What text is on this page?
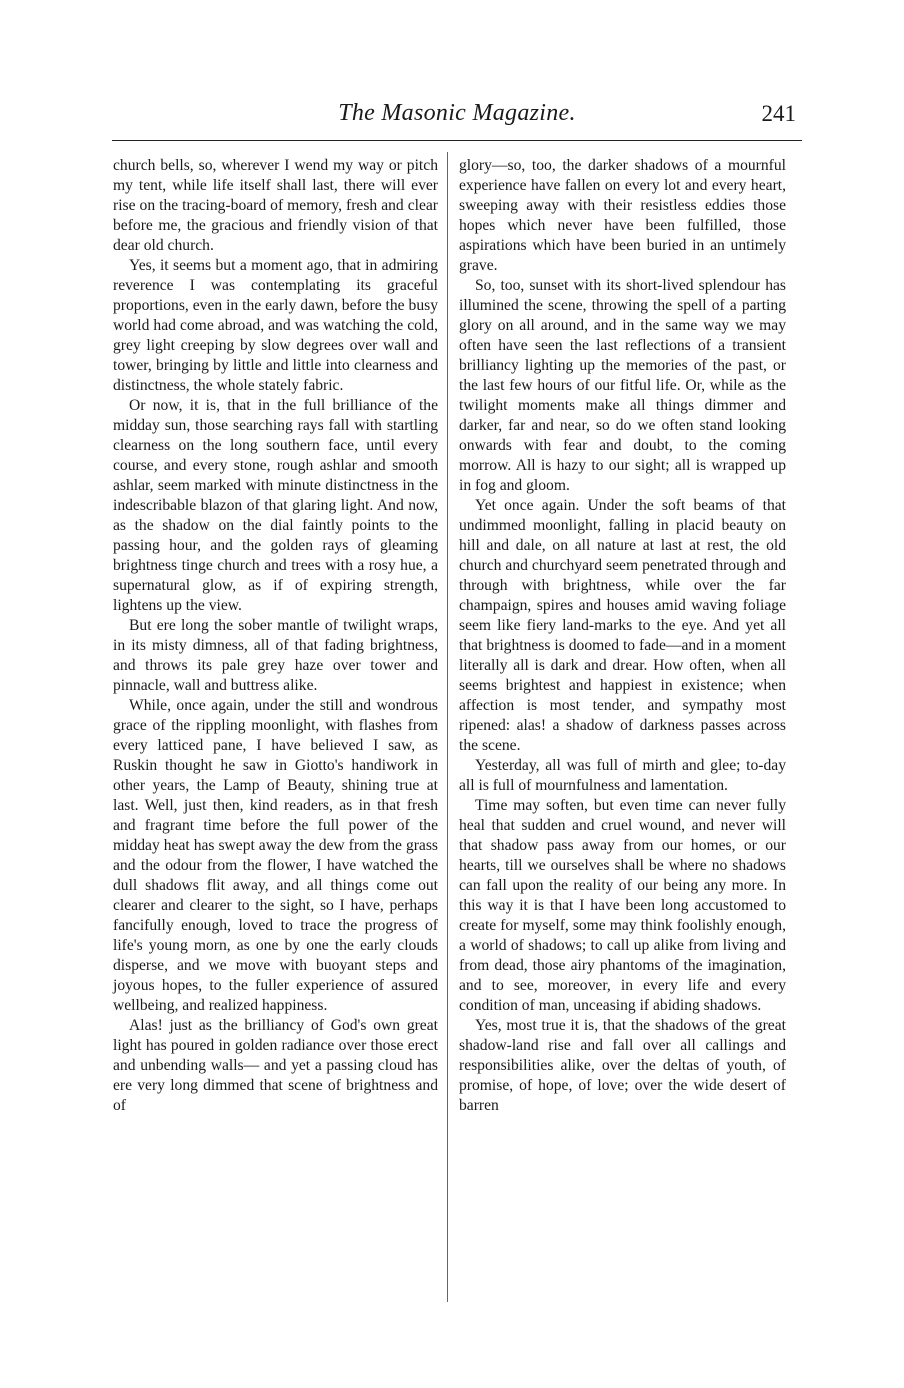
The Masonic Magazine.	241

church bells, so, wherever I wend my way or pitch my tent, while life itself shall last, there will ever rise on the tracing-board of memory, fresh and clear before me, the gracious and friendly vision of that dear old church.

Yes, it seems but a moment ago, that in admiring reverence I was contemplating its graceful proportions, even in the early dawn, before the busy world had come abroad, and was watching the cold, grey light creeping by slow degrees over wall and tower, bringing by little and little into clearness and distinctness, the whole stately fabric.

Or now, it is, that in the full brilliance of the midday sun, those searching rays fall with startling clearness on the long southern face, until every course, and every stone, rough ashlar and smooth ashlar, seem marked with minute distinctness in the indescribable blazon of that glaring light. And now, as the shadow on the dial faintly points to the passing hour, and the golden rays of gleaming brightness tinge church and trees with a rosy hue, a supernatural glow, as if of expiring strength, lightens up the view.

But ere long the sober mantle of twilight wraps, in its misty dimness, all of that fading brightness, and throws its pale grey haze over tower and pinnacle, wall and buttress alike.

While, once again, under the still and wondrous grace of the rippling moonlight, with flashes from every latticed pane, I have believed I saw, as Ruskin thought he saw in Giotto's handiwork in other years, the Lamp of Beauty, shining true at last. Well, just then, kind readers, as in that fresh and fragrant time before the full power of the midday heat has swept away the dew from the grass and the odour from the flower, I have watched the dull shadows flit away, and all things come out clearer and clearer to the sight, so I have, perhaps fancifully enough, loved to trace the progress of life's young morn, as one by one the early clouds disperse, and we move with buoyant steps and joyous hopes, to the fuller experience of assured wellbeing, and realized happiness.

Alas! just as the brilliancy of God's own great light has poured in golden radiance over those erect and unbending walls— and yet a passing cloud has ere very long dimmed that scene of brightness and of

glory—so, too, the darker shadows of a mournful experience have fallen on every lot and every heart, sweeping away with their resistless eddies those hopes which never have been fulfilled, those aspirations which have been buried in an untimely grave.

So, too, sunset with its short-lived splendour has illumined the scene, throwing the spell of a parting glory on all around, and in the same way we may often have seen the last reflections of a transient brilliancy lighting up the memories of the past, or the last few hours of our fitful life. Or, while as the twilight moments make all things dimmer and darker, far and near, so do we often stand looking onwards with fear and doubt, to the coming morrow. All is hazy to our sight; all is wrapped up in fog and gloom.

Yet once again. Under the soft beams of that undimmed moonlight, falling in placid beauty on hill and dale, on all nature at last at rest, the old church and churchyard seem penetrated through and through with brightness, while over the far champaign, spires and houses amid waving foliage seem like fiery land-marks to the eye. And yet all that brightness is doomed to fade—and in a moment literally all is dark and drear. How often, when all seems brightest and happiest in existence; when affection is most tender, and sympathy most ripened: alas! a shadow of darkness passes across the scene.

Yesterday, all was full of mirth and glee; to-day all is full of mournfulness and lamentation.

Time may soften, but even time can never fully heal that sudden and cruel wound, and never will that shadow pass away from our homes, or our hearts, till we ourselves shall be where no shadows can fall upon the reality of our being any more. In this way it is that I have been long accustomed to create for myself, some may think foolishly enough, a world of shadows; to call up alike from living and from dead, those airy phantoms of the imagination, and to see, moreover, in every life and every condition of man, unceasing if abiding shadows.

Yes, most true it is, that the shadows of the great shadow-land rise and fall over all callings and responsibilities alike, over the deltas of youth, of promise, of hope, of love; over the wide desert of barren
